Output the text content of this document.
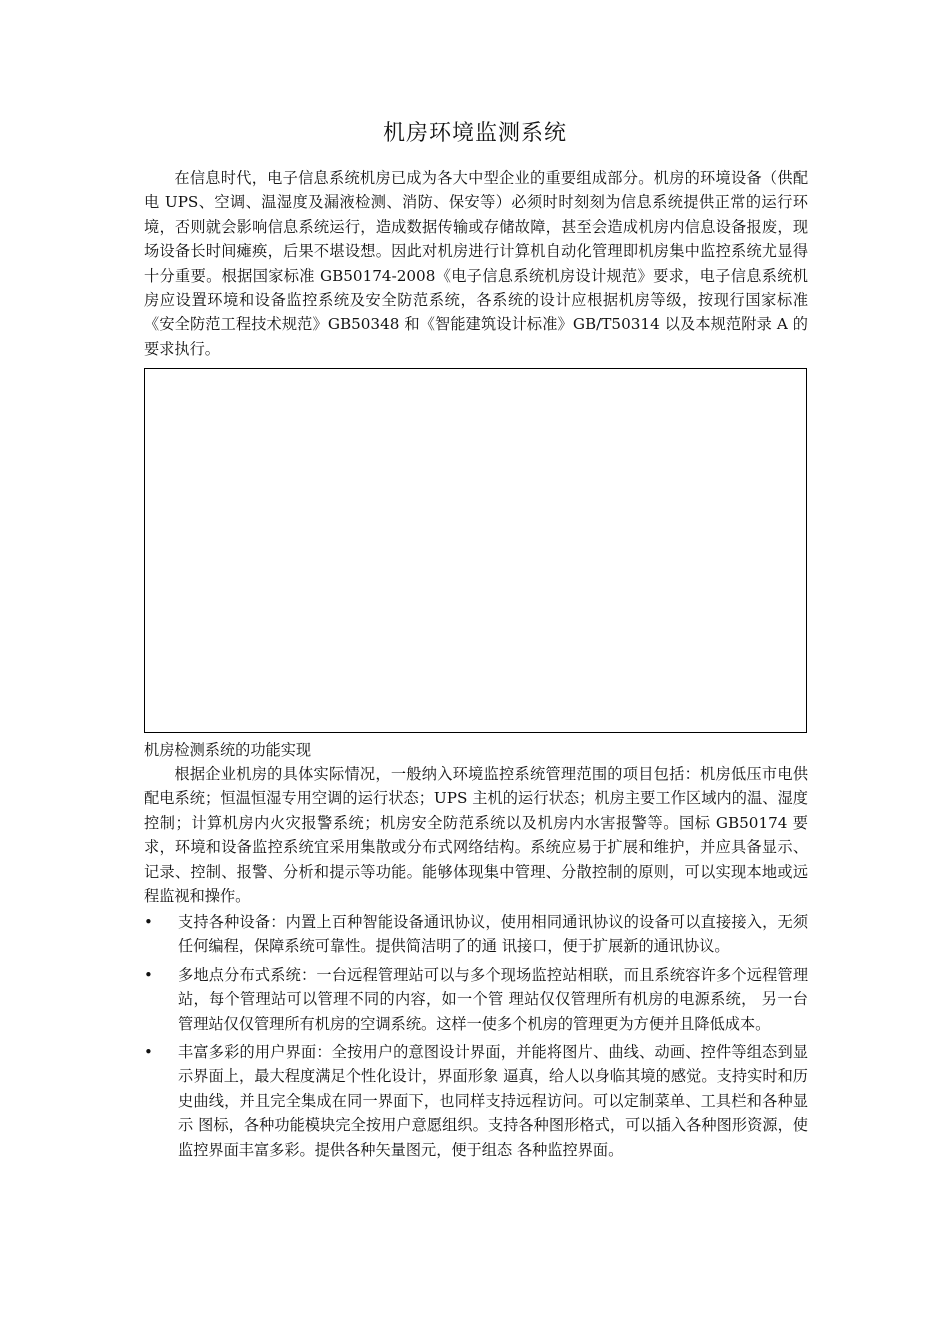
机房环境监测系统

在信息时代，电子信息系统机房已成为各大中型企业的重要组成部分。机房的环境设备（供配电 UPS、空调、温湿度及漏液检测、消防、保安等）必须时时刻刻为信息系统提供正常的运行环境，否则就会影响信息系统运行，造成数据传输或存储故障，甚至会造成机房内信息设备报废，现场设备长时间瘫痪，后果不堪设想。因此对机房进行计算机自动化管理即机房集中监控系统尤显得十分重要。根据国家标准 GB50174-2008《电子信息系统机房设计规范》要求，电子信息系统机房应设置环境和设备监控系统及安全防范系统，各系统的设计应根据机房等级，按现行国家标准《安全防范工程技术规范》GB50348 和《智能建筑设计标准》GB/T50314 以及本规范附录 A 的要求执行。

机房检测系统的功能实现

根据企业机房的具体实际情况，一般纳入环境监控系统管理范围的项目包括：机房低压市电供配电系统；恒温恒湿专用空调的运行状态；UPS 主机的运行状态；机房主要工作区域内的温、湿度控制；计算机房内火灾报警系统；机房安全防范系统以及机房内水害报警等。国标 GB50174 要求，环境和设备监控系统宜采用集散或分布式网络结构。系统应易于扩展和维护，并应具备显示、记录、控制、报警、分析和提示等功能。能够体现集中管理、分散控制的原则，可以实现本地或远程监视和操作。

• 支持各种设备：内置上百种智能设备通讯协议，使用相同通讯协议的设备可以直接接入，无须任何编程，保障系统可靠性。提供简洁明了的通 讯接口，便于扩展新的通讯协议。
• 多地点分布式系统：一台远程管理站可以与多个现场监控站相联，而且系统容许多个远程管理站，每个管理站可以管理不同的内容，如一个管 理站仅仅管理所有机房的电源系统， 另一台管理站仅仅管理所有机房的空调系统。这样一使多个机房的管理更为方便并且降低成本。
• 丰富多彩的用户界面：全按用户的意图设计界面，并能将图片、曲线、动画、控件等组态到显示界面上，最大程度满足个性化设计，界面形象 逼真，给人以身临其境的感觉。支持实时和历史曲线，并且完全集成在同一界面下，也同样支持远程访问。可以定制菜单、工具栏和各种显示 图标，各种功能模块完全按用户意愿组织。支持各种图形格式，可以插入各种图形资源，使监控界面丰富多彩。提供各种矢量图元，便于组态 各种监控界面。
